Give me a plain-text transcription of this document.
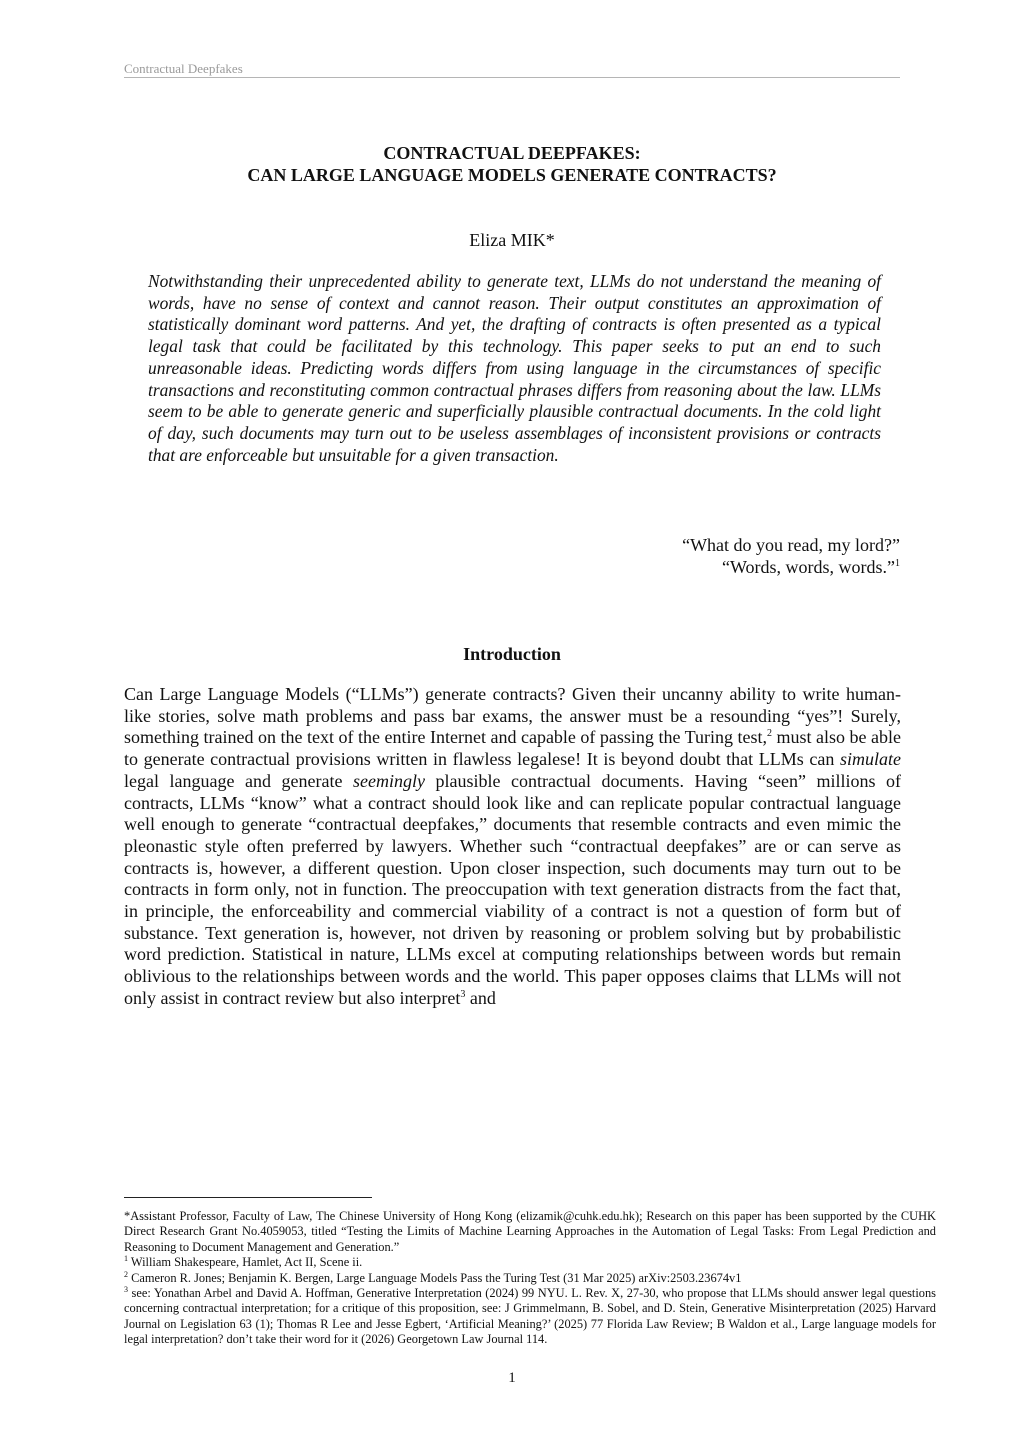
Contractual Deepfakes
CONTRACTUAL DEEPFAKES:
CAN LARGE LANGUAGE MODELS GENERATE CONTRACTS?
Eliza MIK*
Notwithstanding their unprecedented ability to generate text, LLMs do not understand the meaning of words, have no sense of context and cannot reason. Their output constitutes an approximation of statistically dominant word patterns. And yet, the drafting of contracts is often presented as a typical legal task that could be facilitated by this technology. This paper seeks to put an end to such unreasonable ideas. Predicting words differs from using language in the circumstances of specific transactions and reconstituting common contractual phrases differs from reasoning about the law. LLMs seem to be able to generate generic and superficially plausible contractual documents. In the cold light of day, such documents may turn out to be useless assemblages of inconsistent provisions or contracts that are enforceable but unsuitable for a given transaction.
“What do you read, my lord?”
“Words, words, words.”$^1$
Introduction
Can Large Language Models (“LLMs”) generate contracts? Given their uncanny ability to write human-like stories, solve math problems and pass bar exams, the answer must be a resounding “yes”! Surely, something trained on the text of the entire Internet and capable of passing the Turing test,$^2$ must also be able to generate contractual provisions written in flawless legalese! It is beyond doubt that LLMs can simulate legal language and generate seemingly plausible contractual documents. Having “seen” millions of contracts, LLMs “know” what a contract should look like and can replicate popular contractual language well enough to generate “contractual deepfakes,” documents that resemble contracts and even mimic the pleonastic style often preferred by lawyers. Whether such “contractual deepfakes” are or can serve as contracts is, however, a different question. Upon closer inspection, such documents may turn out to be contracts in form only, not in function. The preoccupation with text generation distracts from the fact that, in principle, the enforceability and commercial viability of a contract is not a question of form but of substance. Text generation is, however, not driven by reasoning or problem solving but by probabilistic word prediction. Statistical in nature, LLMs excel at computing relationships between words but remain oblivious to the relationships between words and the world. This paper opposes claims that LLMs will not only assist in contract review but also interpret$^3$ and

*Assistant Professor, Faculty of Law, The Chinese University of Hong Kong (elizamik@cuhk.edu.hk); Research on this paper has been supported by the CUHK Direct Research Grant No.4059053, titled “Testing the Limits of Machine Learning Approaches in the Automation of Legal Tasks: From Legal Prediction and Reasoning to Document Management and Generation.”

$^1$ William Shakespeare, Hamlet, Act II, Scene ii.

$^2$ Cameron R. Jones; Benjamin K. Bergen, Large Language Models Pass the Turing Test (31 Mar 2025) arXiv:2503.23674v1

$^3$ see: Yonathan Arbel and David A. Hoffman, Generative Interpretation (2024) 99 NYU. L. Rev. X, 27-30, who propose that LLMs should answer legal questions concerning contractual interpretation; for a critique of this proposition, see: J Grimmelmann, B. Sobel, and D. Stein, Generative Misinterpretation (2025) Harvard Journal on Legislation 63 (1); Thomas R Lee and Jesse Egbert, ‘Artificial Meaning?’ (2025) 77 Florida Law Review; B Waldon et al., Large language models for legal interpretation? don’t take their word for it (2026) Georgetown Law Journal 114.

1
